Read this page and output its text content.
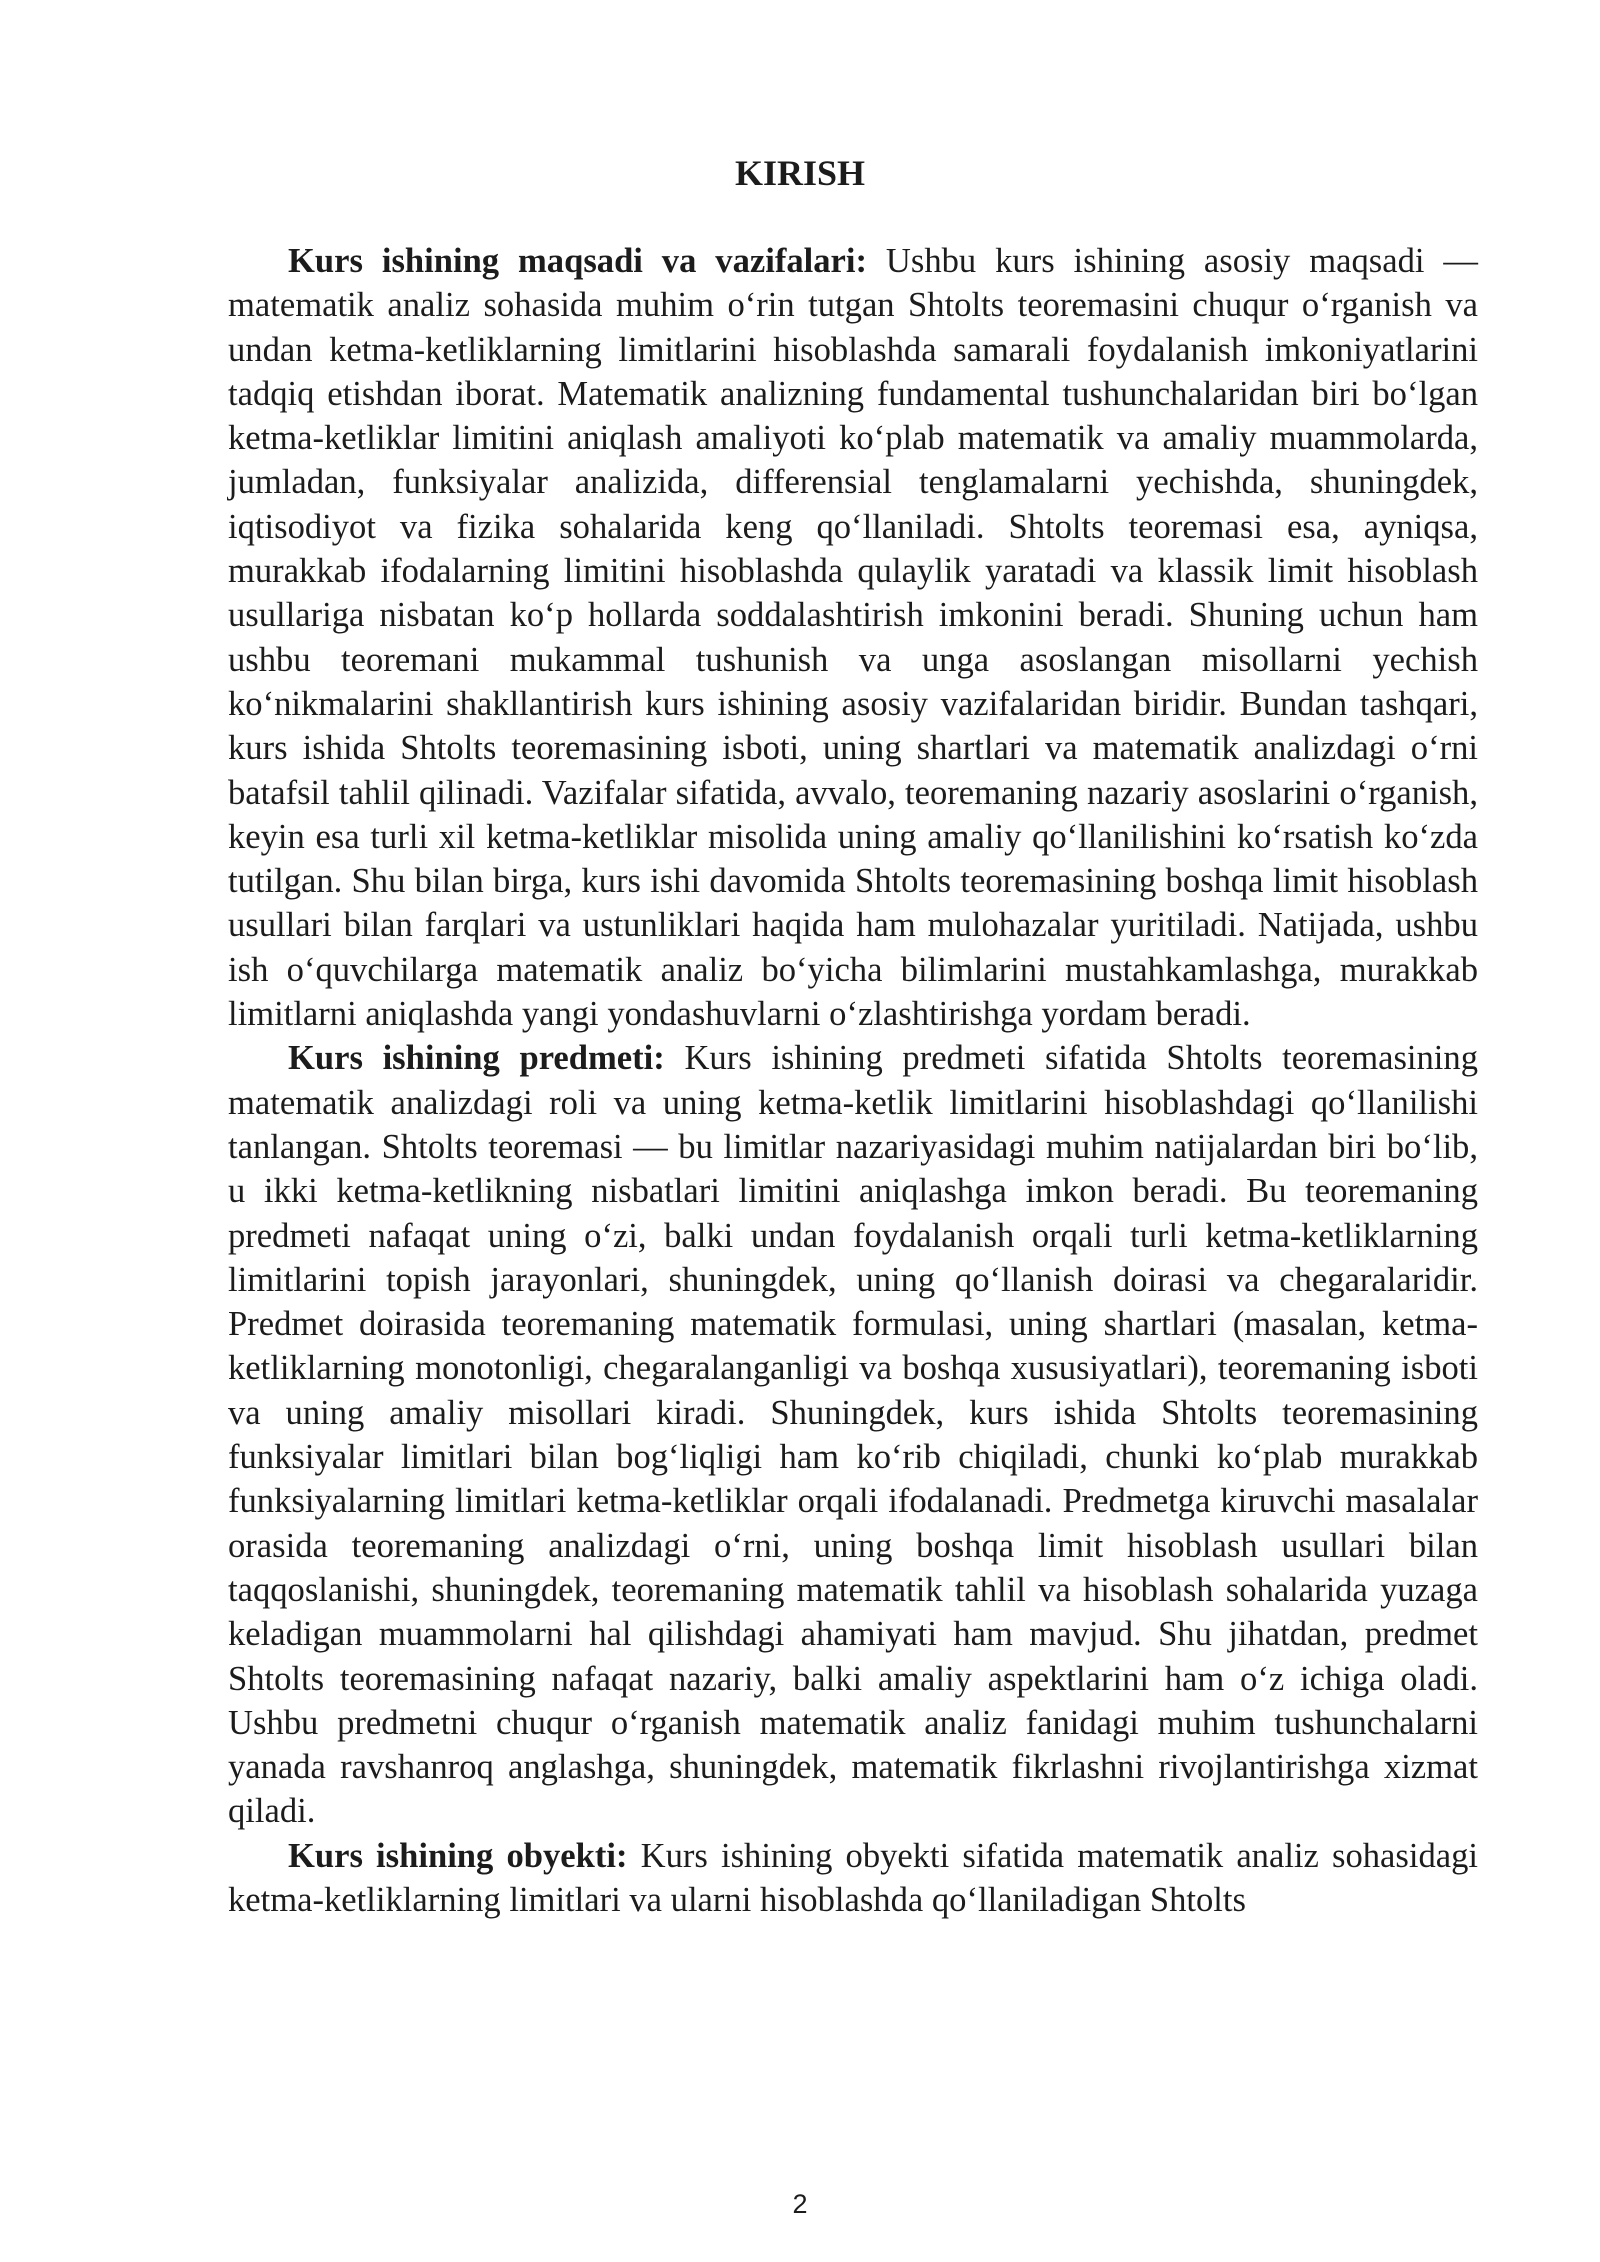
KIRISH

Kurs ishining maqsadi va vazifalari: Ushbu kurs ishining asosiy maqsadi — matematik analiz sohasida muhim o‘rin tutgan Shtolts teoremasini chuqur o‘rganish va undan ketma-ketliklarning limitlarini hisoblashda samarali foydalanish imkoniyatlarini tadqiq etishdan iborat. Matematik analizning fundamental tushunchalaridan biri bo‘lgan ketma-ketliklar limitini aniqlash amaliyoti ko‘plab matematik va amaliy muammolarda, jumladan, funksiyalar analizida, differensial tenglamalarni yechishda, shuningdek, iqtisodiyot va fizika sohalarida keng qo‘llaniladi. Shtolts teoremasi esa, ayniqsa, murakkab ifodalarning limitini hisoblashda qulaylik yaratadi va klassik limit hisoblash usullariga nisbatan ko‘p hollarda soddalashtirish imkonini beradi. Shuning uchun ham ushbu teoremani mukammal tushunish va unga asoslangan misollarni yechish ko‘nikmalarini shakllantirish kurs ishining asosiy vazifalaridan biridir. Bundan tashqari, kurs ishida Shtolts teoremasining isboti, uning shartlari va matematik analizdagi o‘rni batafsil tahlil qilinadi. Vazifalar sifatida, avvalo, teoremaning nazariy asoslarini o‘rganish, keyin esa turli xil ketma-ketliklar misolida uning amaliy qo‘llanilishini ko‘rsatish ko‘zda tutilgan. Shu bilan birga, kurs ishi davomida Shtolts teoremasining boshqa limit hisoblash usullari bilan farqlari va ustunliklari haqida ham mulohazalar yuritiladi. Natijada, ushbu ish o‘quvchilarga matematik analiz bo‘yicha bilimlarini mustahkamlashga, murakkab limitlarni aniqlashda yangi yondashuvlarni o‘zlashtirishga yordam beradi.

Kurs ishining predmeti: Kurs ishining predmeti sifatida Shtolts teoremasining matematik analizdagi roli va uning ketma-ketlik limitlarini hisoblashdagi qo‘llanilishi tanlangan. Shtolts teoremasi — bu limitlar nazariyasidagi muhim natijalardan biri bo‘lib, u ikki ketma-ketlikning nisbatlari limitini aniqlashga imkon beradi. Bu teoremaning predmeti nafaqat uning o‘zi, balki undan foydalanish orqali turli ketma-ketliklarning limitlarini topish jarayonlari, shuningdek, uning qo‘llanish doirasi va chegaralaridir. Predmet doirasida teoremaning matematik formulasi, uning shartlari (masalan, ketma-ketliklarning monotonligi, chegaralanganligi va boshqa xususiyatlari), teoremaning isboti va uning amaliy misollari kiradi. Shuningdek, kurs ishida Shtolts teoremasining funksiyalar limitlari bilan bog‘liqligi ham ko‘rib chiqiladi, chunki ko‘plab murakkab funksiyalarning limitlari ketma-ketliklar orqali ifodalanadi. Predmetga kiruvchi masalalar orasida teoremaning analizdagi o‘rni, uning boshqa limit hisoblash usullari bilan taqqoslanishi, shuningdek, teoremaning matematik tahlil va hisoblash sohalarida yuzaga keladigan muammolarni hal qilishdagi ahamiyati ham mavjud. Shu jihatdan, predmet Shtolts teoremasining nafaqat nazariy, balki amaliy aspektlarini ham o‘z ichiga oladi. Ushbu predmetni chuqur o‘rganish matematik analiz fanidagi muhim tushunchalarni yanada ravshanroq anglashga, shuningdek, matematik fikrlashni rivojlantirishga xizmat qiladi.

Kurs ishining obyekti: Kurs ishining obyekti sifatida matematik analiz sohasidagi ketma-ketliklarning limitlari va ularni hisoblashda qo‘llaniladigan Shtolts

2
